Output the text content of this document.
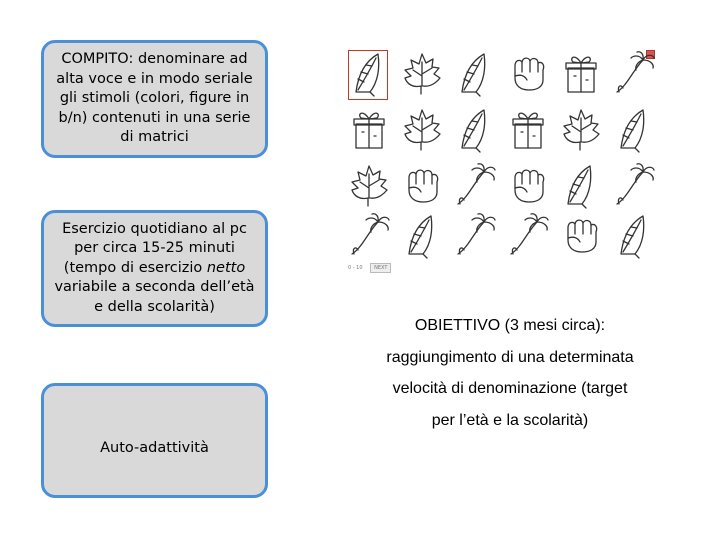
COMPITO: denominare ad alta voce e in modo seriale gli stimoli (colori, figure in b/n) contenuti in una serie di matrici
Esercizio quotidiano al pc per circa 15-25 minuti (tempo di esercizio netto variabile a seconda dell’età e della scolarità)
Auto-adattività
0 - 10 NEXT
OBIETTIVO (3 mesi circa):
raggiungimento di una determinata
velocità di denominazione (target
per l’età e la scolarità)
